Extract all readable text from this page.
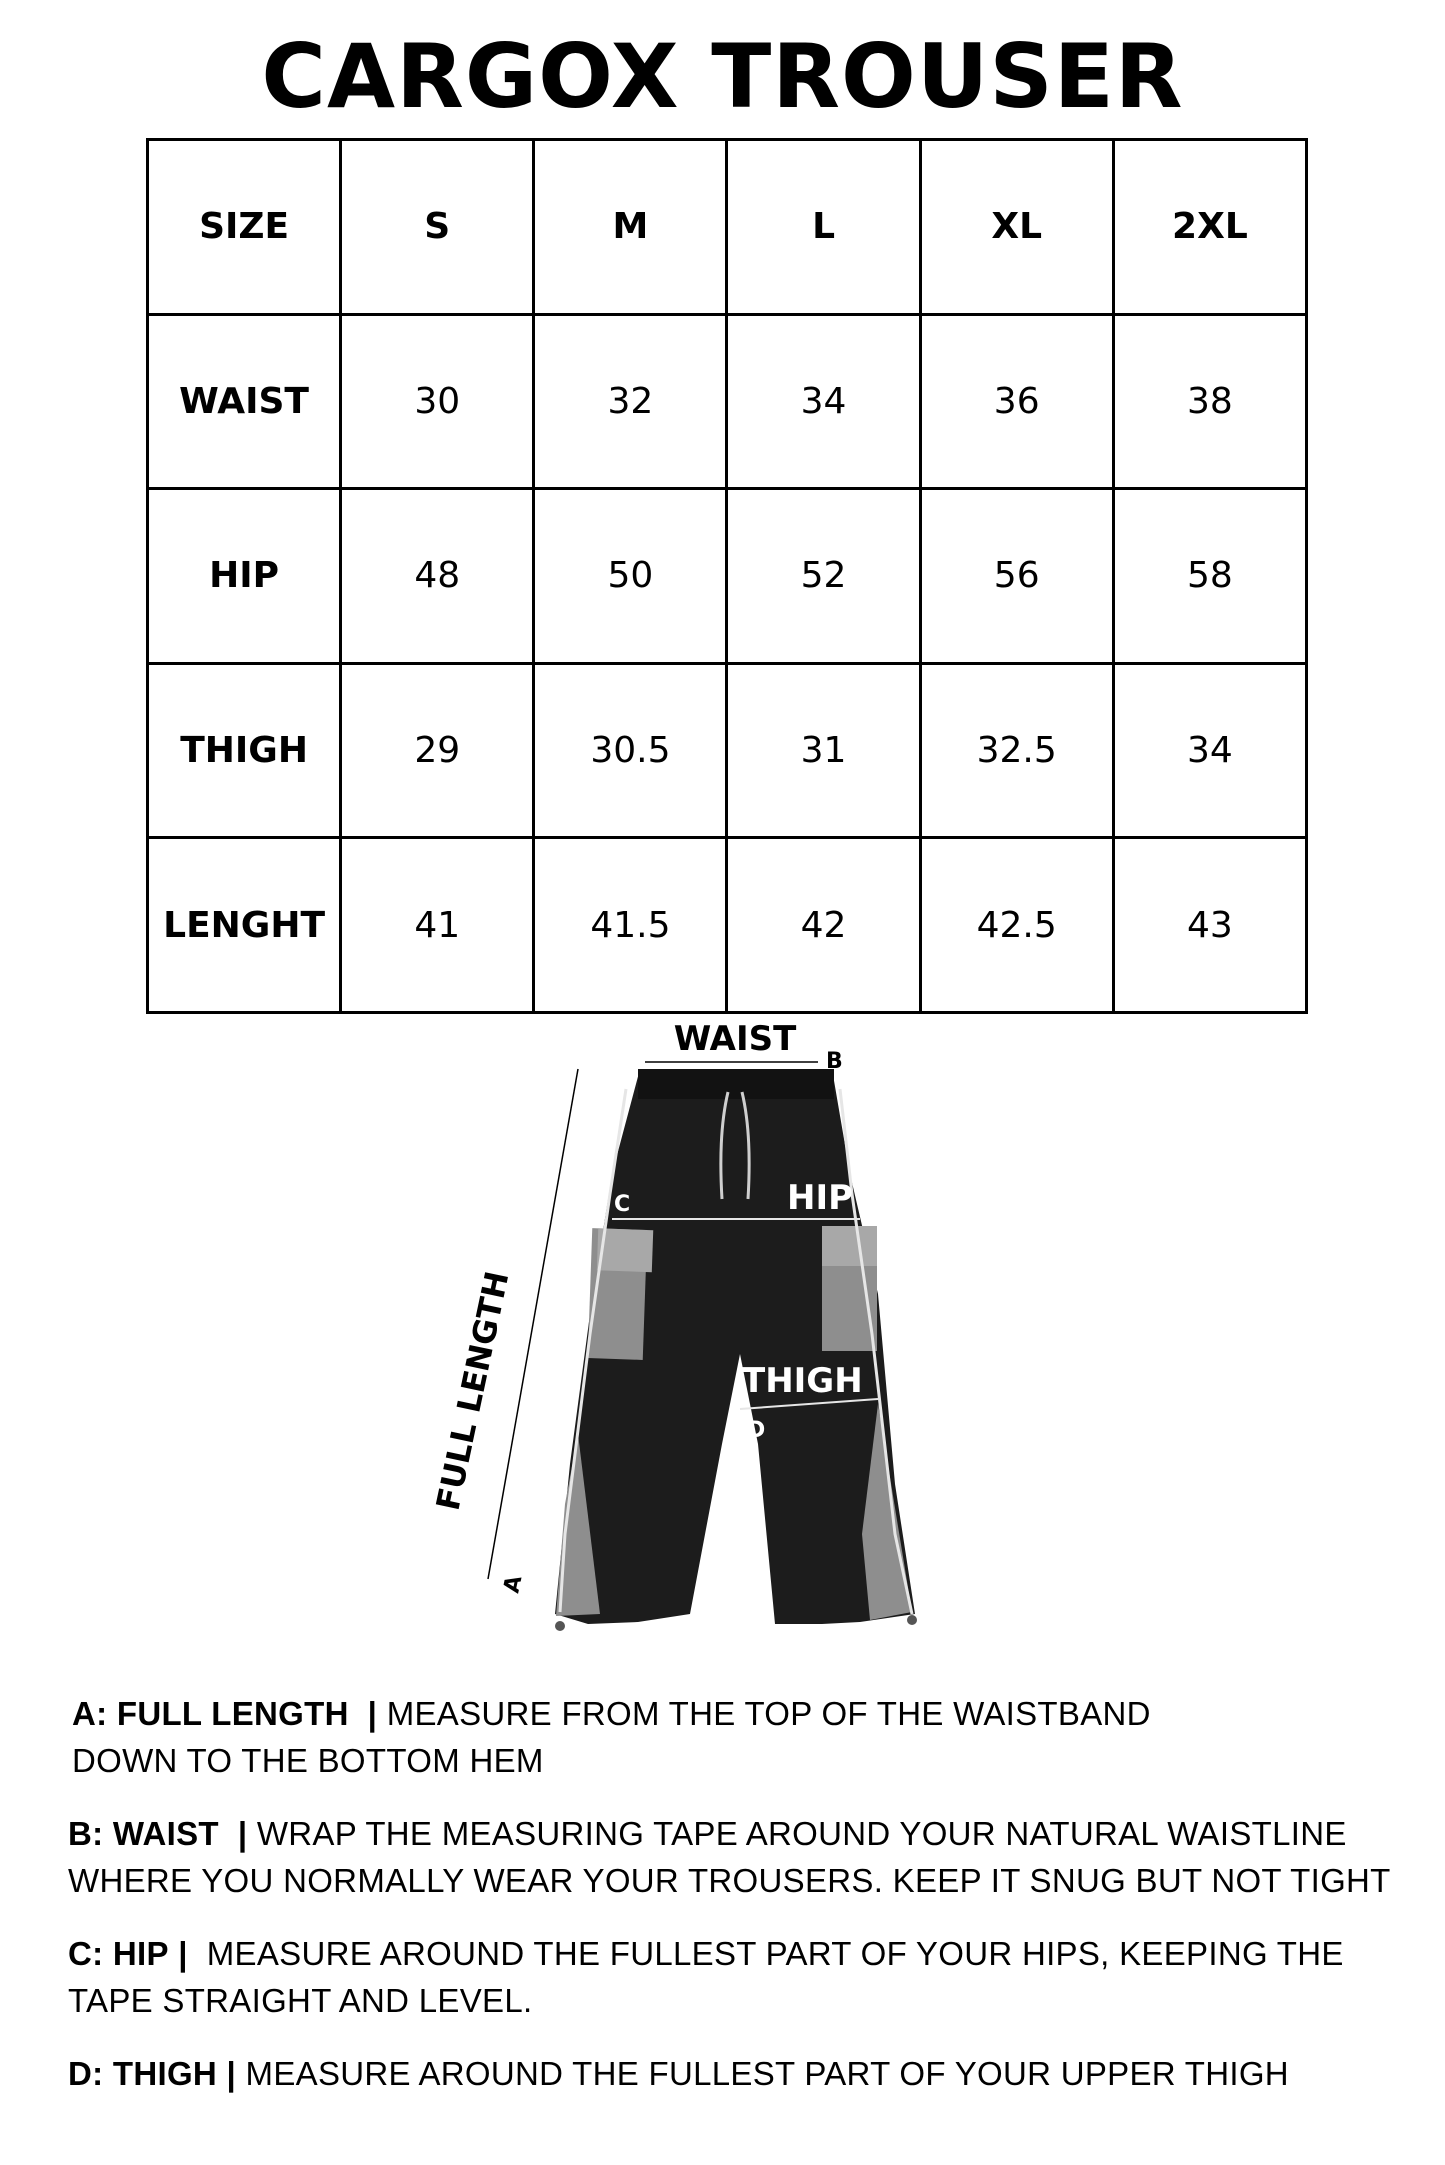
CARGOX TROUSER
SIZE	S	M	L	XL	2XL
WAIST	30	32	34	36	38
HIP	48	50	52	56	58
THIGH	29	30.5	31	32.5	34
LENGHT	41	41.5	42	42.5	43
WAIST
B
HIP
C
THIGH
D
FULL LENGTH
A
A: FULL LENGTH | MEASURE FROM THE TOP OF THE WAISTBAND
DOWN TO THE BOTTOM HEM
B: WAIST | WRAP THE MEASURING TAPE AROUND YOUR NATURAL WAISTLINE
WHERE YOU NORMALLY WEAR YOUR TROUSERS. KEEP IT SNUG BUT NOT TIGHT
C: HIP | MEASURE AROUND THE FULLEST PART OF YOUR HIPS, KEEPING THE
TAPE STRAIGHT AND LEVEL.
D: THIGH | MEASURE AROUND THE FULLEST PART OF YOUR UPPER THIGH
